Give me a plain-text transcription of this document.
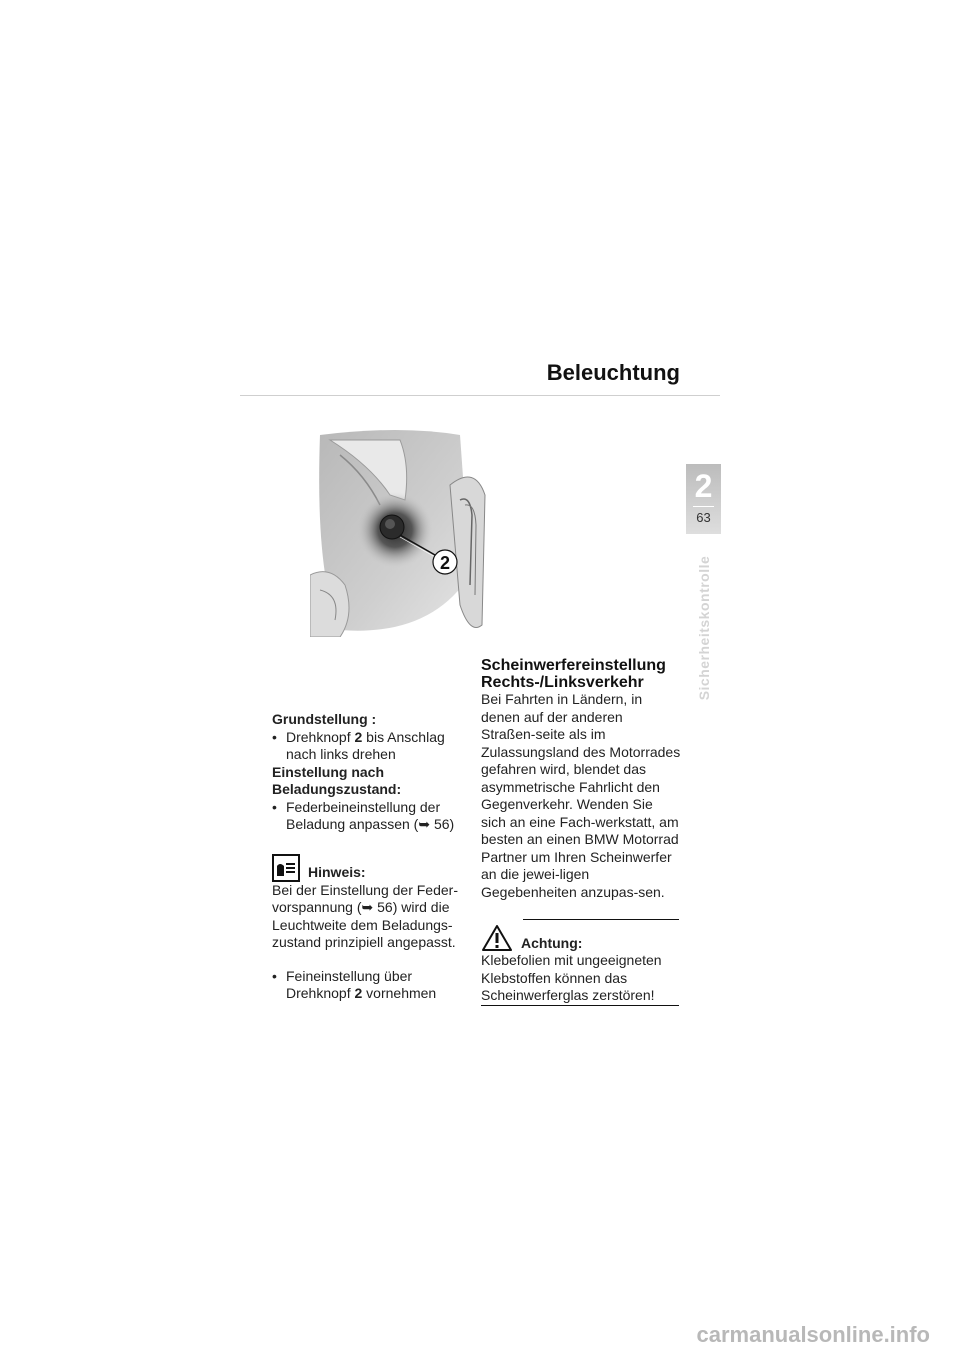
Beleuchtung
2
63
Sicherheitskontrolle
2
Grundstellung :
• Drehknopf 2 bis Anschlag nach links drehen
Einstellung nach Beladungszustand:
• Federbeineinstellung der Beladung anpassen (➥ 56)
Hinweis:
Bei der Einstellung der Feder-vorspannung (➥ 56) wird die Leuchtweite dem Beladungs-zustand prinzipiell angepasst.
• Feineinstellung über Drehknopf 2 vornehmen
Scheinwerfereinstellung
Rechts-/Linksverkehr
Bei Fahrten in Ländern, in denen auf der anderen Straßen-seite als im Zulassungsland des Motorrades gefahren wird, blendet das asymmetrische Fahrlicht den Gegenverkehr. Wenden Sie sich an eine Fach-werkstatt, am besten an einen BMW Motorrad Partner um Ihren Scheinwerfer an die jewei-ligen Gegebenheiten anzupas-sen.
Achtung:
Klebefolien mit ungeeigneten Klebstoffen können das Scheinwerferglas zerstören!
carmanualsonline.info
